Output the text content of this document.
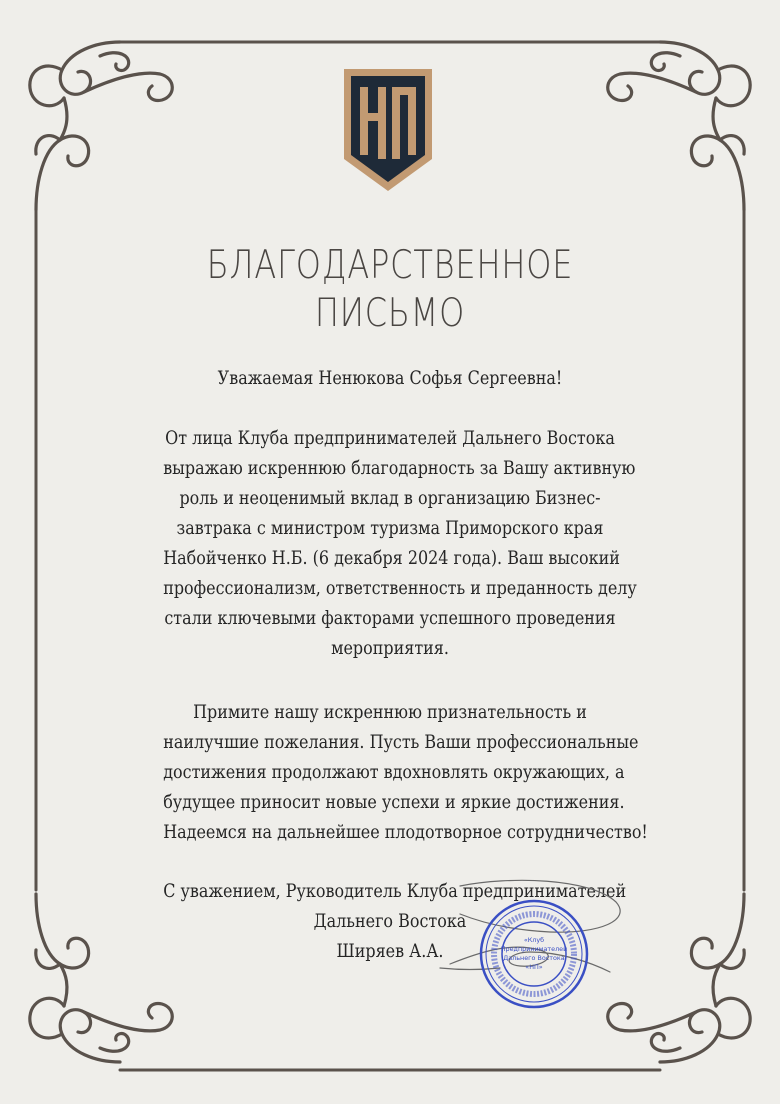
БЛАГОДАРСТВЕННОЕ
ПИСЬМО
Уважаемая Ненюкова Софья Сергеевна!
От лица Клуба предпринимателей Дальнего Востока
выражаю искреннюю благодарность за Вашу активную
роль и неоценимый вклад в организацию Бизнес-
завтрака с министром туризма Приморского края
Набойченко Н.Б. (6 декабря 2024 года). Ваш высокий
профессионализм, ответственность и преданность делу
стали ключевыми факторами успешного проведения
мероприятия.
Примите нашу искреннюю признательность и
наилучшие пожелания. Пусть Ваши профессиональные
достижения продолжают вдохновлять окружающих, а
будущее приносит новые успехи и яркие достижения.
Надеемся на дальнейшее плодотворное сотрудничество!
С уважением, Руководитель Клуба предпринимателей
Дальнего Востока
Ширяев А.А.	«Клуб
Предпринимателей
Дальнего Востока
«НП»
